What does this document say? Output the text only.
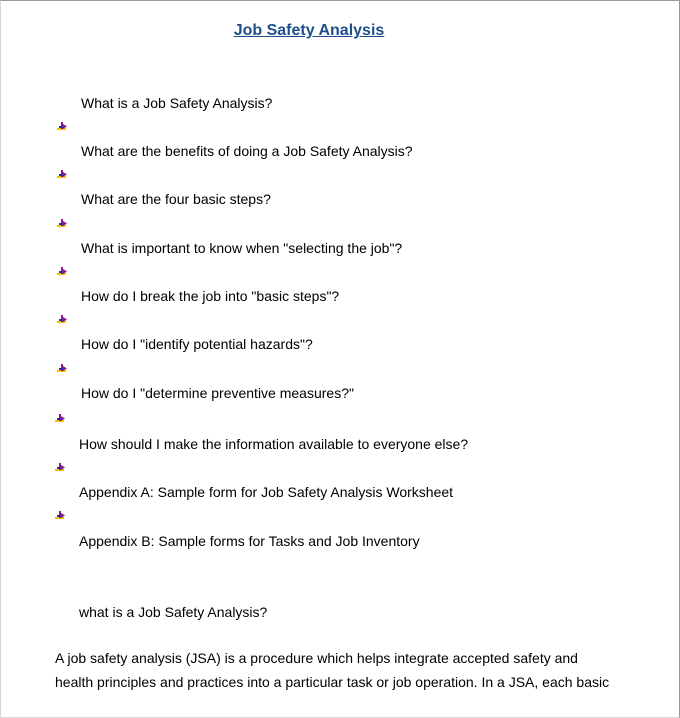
Job Safety Analysis
What is a Job Safety Analysis?
What are the benefits of doing a Job Safety Analysis?
What are the four basic steps?
What is important to know when "selecting the job"?
How do I break the job into "basic steps"?
How do I "identify potential hazards"?
How do I "determine preventive measures?"
How should I make the information available to everyone else?
Appendix A: Sample form for Job Safety Analysis Worksheet
Appendix B: Sample forms for Tasks and Job Inventory
what is a Job Safety Analysis?
A job safety analysis (JSA) is a procedure which helps integrate accepted safety and
health principles and practices into a particular task or job operation. In a JSA, each basic
